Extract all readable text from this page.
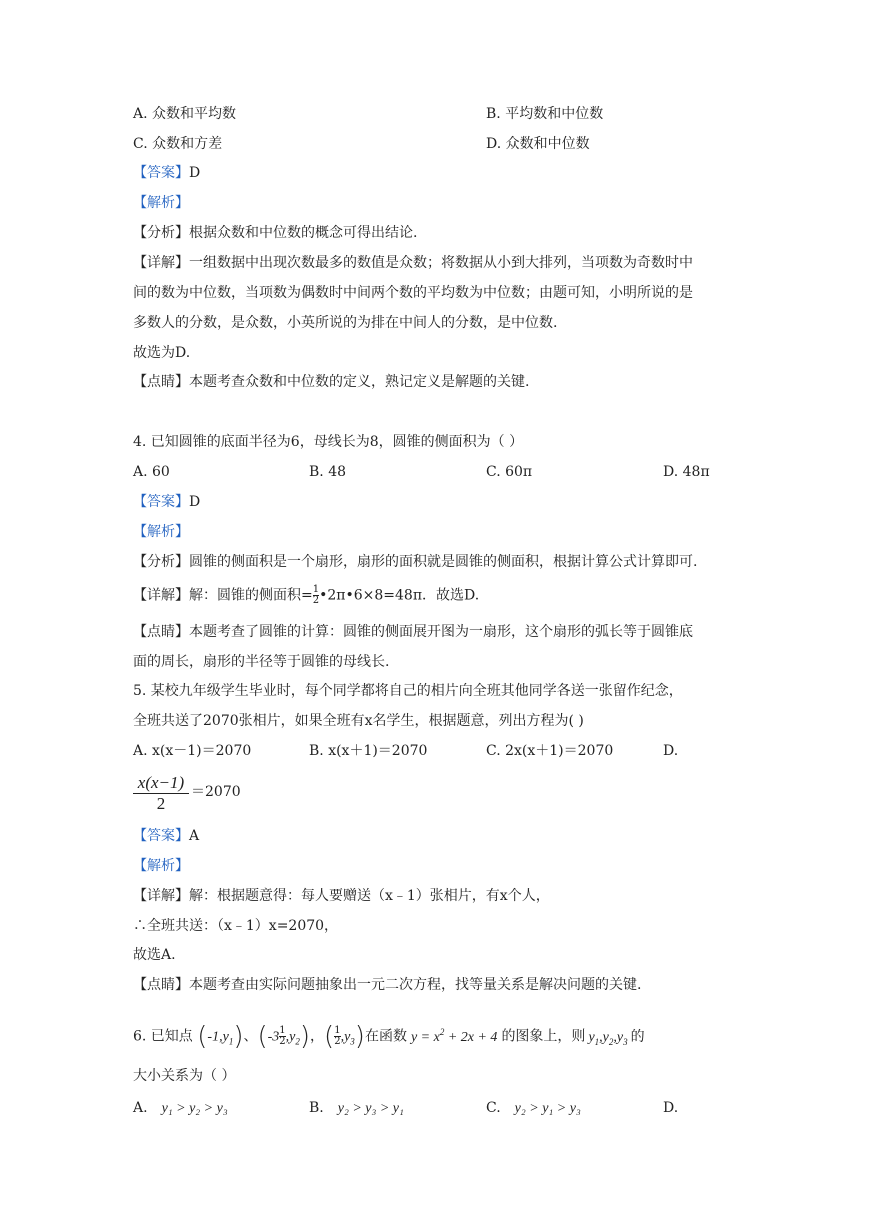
A. 众数和平均数	B. 平均数和中位数
C. 众数和方差	D. 众数和中位数
【答案】D
【解析】
【分析】根据众数和中位数的概念可得出结论.
【详解】一组数据中出现次数最多的数值是众数；将数据从小到大排列，当项数为奇数时中
间的数为中位数，当项数为偶数时中间两个数的平均数为中位数；由题可知，小明所说的是
多数人的分数，是众数，小英所说的为排在中间人的分数，是中位数.
故选为D.
【点睛】本题考查众数和中位数的定义，熟记定义是解题的关键.
4. 已知圆锥的底面半径为6，母线长为8，圆锥的侧面积为（ ）
A. 60	B. 48	C. 60π	D. 48π
【答案】D
【解析】
【分析】圆锥的侧面积是一个扇形，扇形的面积就是圆锥的侧面积，根据计算公式计算即可.
【详解】解：圆锥的侧面积= $\frac{1}{2}$ •2π•6×8=48π．故选D.
【点睛】本题考查了圆锥的计算：圆锥的侧面展开图为一扇形，这个扇形的弧长等于圆锥底
面的周长，扇形的半径等于圆锥的母线长.
5. 某校九年级学生毕业时，每个同学都将自己的相片向全班其他同学各送一张留作纪念，
全班共送了2070张相片，如果全班有x名学生，根据题意，列出方程为( )
A. x(x－1)＝2070	B. x(x＋1)＝2070	C. 2x(x＋1)＝2070	D.
x(x−1)
2
＝2070
【答案】A
【解析】
【详解】解：根据题意得：每人要赠送（x﹣1）张相片，有x个人，
∴全班共送：（x﹣1）x=2070，
故选A.
【点睛】本题考查由实际问题抽象出一元二次方程，找等量关系是解决问题的关键.
6. 已知点 $(-1,y_1)$、$(-3 \frac{1}{2} ,y_2)$，( $\frac{1}{2} ,y_3$)在函数 $y = x^2 + 2x + 4$ 的图象上，则 $y_1,y_2,y_3$ 的
大小关系为（ ）
A. y₁ > y₂ > y₃	B. y₂ > y₃ > y₁	C. y₂ > y₁ > y₃	D.
